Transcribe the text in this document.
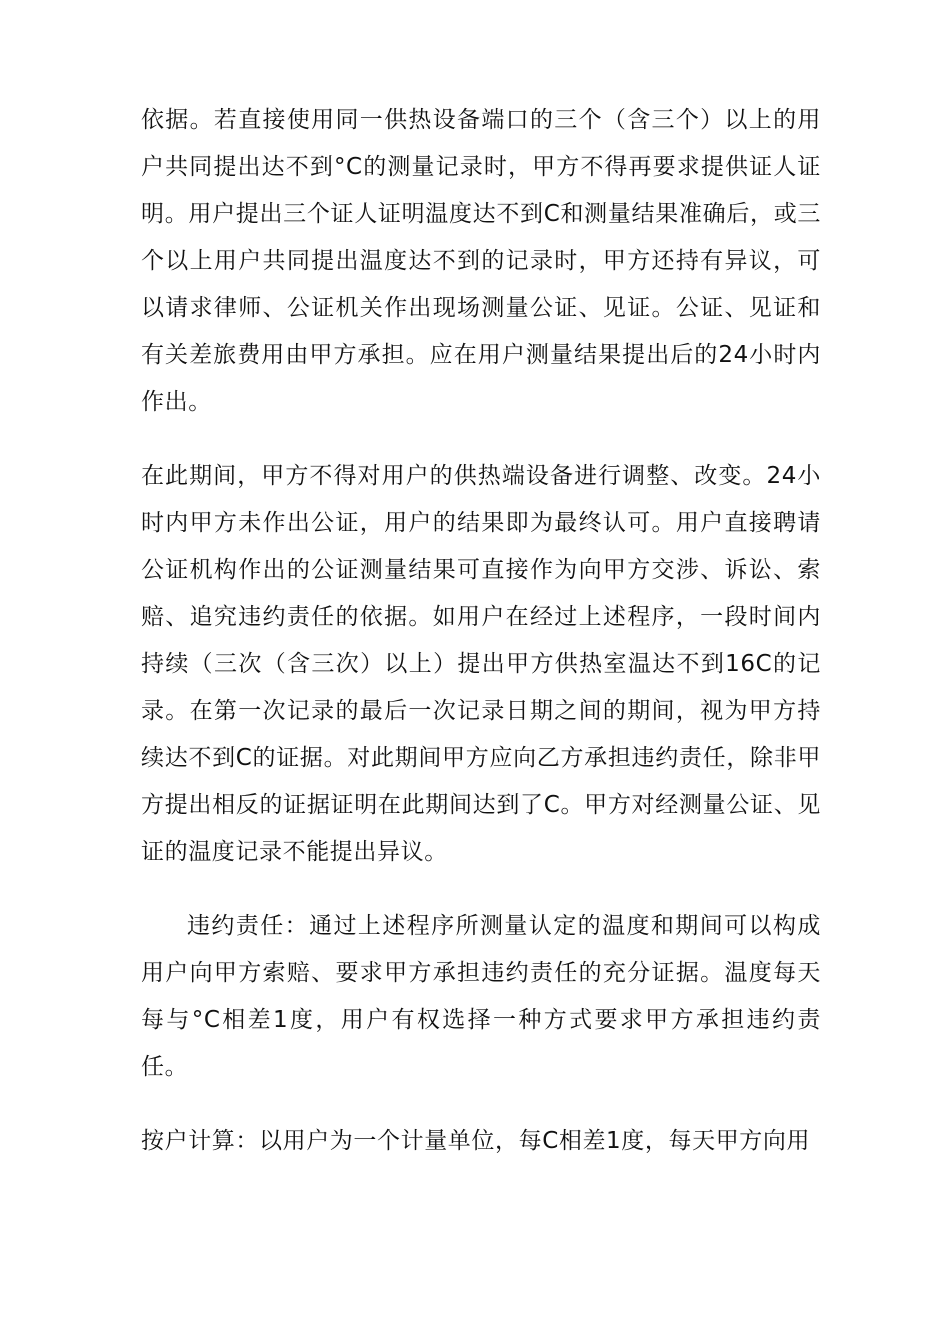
依据。若直接使用同一供热设备端口的三个（含三个）以上的用户共同提出达不到°C的测量记录时，甲方不得再要求提供证人证明。用户提出三个证人证明温度达不到C和测量结果准确后，或三个以上用户共同提出温度达不到的记录时，甲方还持有异议，可以请求律师、公证机关作出现场测量公证、见证。公证、见证和有关差旅费用由甲方承担。应在用户测量结果提出后的24小时内作出。

在此期间，甲方不得对用户的供热端设备进行调整、改变。24小时内甲方未作出公证，用户的结果即为最终认可。用户直接聘请公证机构作出的公证测量结果可直接作为向甲方交涉、诉讼、索赔、追究违约责任的依据。如用户在经过上述程序，一段时间内持续（三次（含三次）以上）提出甲方供热室温达不到16C的记录。在第一次记录的最后一次记录日期之间的期间，视为甲方持续达不到C的证据。对此期间甲方应向乙方承担违约责任，除非甲方提出相反的证据证明在此期间达到了C。甲方对经测量公证、见证的温度记录不能提出异议。

违约责任：通过上述程序所测量认定的温度和期间可以构成用户向甲方索赔、要求甲方承担违约责任的充分证据。温度每天每与°C相差1度，用户有权选择一种方式要求甲方承担违约责任。

按户计算：以用户为一个计量单位，每C相差1度，每天甲方向用
